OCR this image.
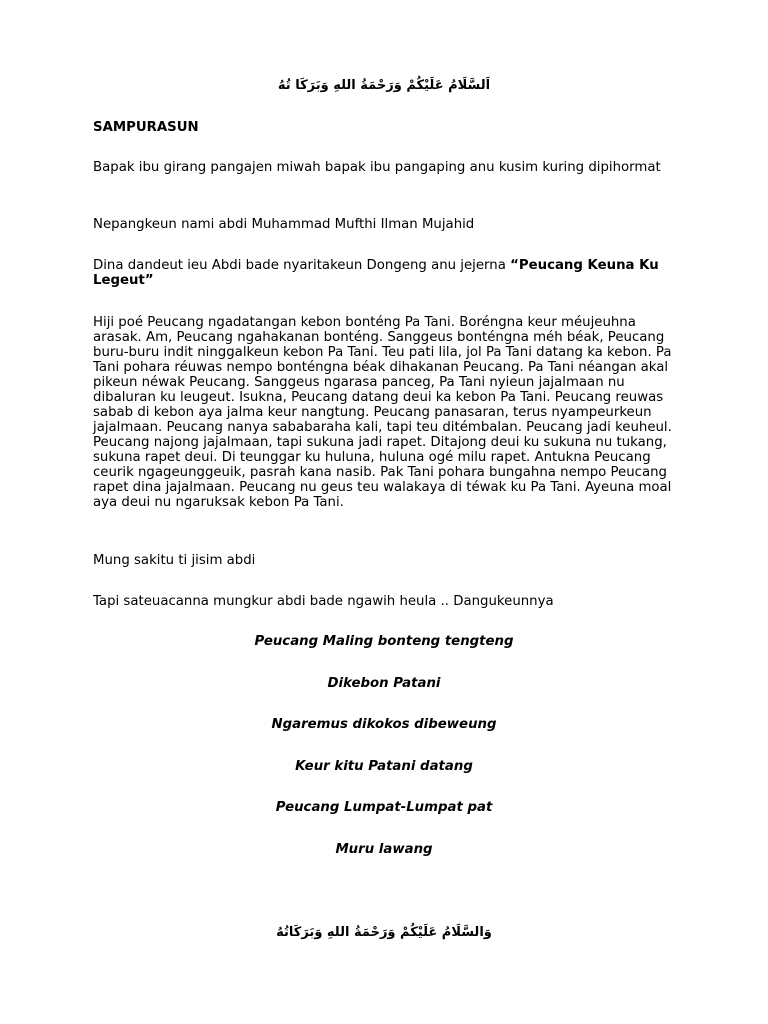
اَلسَّلَامُ عَلَيْكُمْ وَرَحْمَةُ اللهِ وَبَرَكَا تُهُ
SAMPURASUN
Bapak ibu girang pangajen miwah bapak ibu pangaping anu kusim kuring dipihormat
Nepangkeun nami abdi Muhammad Mufthi Ilman Mujahid
Dina dandeut ieu Abdi bade nyaritakeun Dongeng anu jejerna “Peucang Keuna Ku Legeut”
Hiji poé Peucang ngadatangan kebon bonténg Pa Tani. Boréngna keur méujeuhna arasak. Am, Peucang ngahakanan bonténg. Sanggeus bonténgna méh béak, Peucang buru-buru indit ninggalkeun kebon Pa Tani. Teu pati lila, jol Pa Tani datang ka kebon. Pa Tani pohara réuwas nempo bonténgna béak dihakanan Peucang. Pa Tani néangan akal pikeun néwak Peucang. Sanggeus ngarasa panceg, Pa Tani nyieun jajalmaan nu dibaluran ku leugeut. Isukna, Peucang datang deui ka kebon Pa Tani. Peucang reuwas sabab di kebon aya jalma keur nangtung. Peucang panasaran, terus nyampeurkeun jajalmaan. Peucang nanya sababaraha kali, tapi teu ditémbalan. Peucang jadi keuheul. Peucang najong jajalmaan, tapi sukuna jadi rapet. Ditajong deui ku sukuna nu tukang, sukuna rapet deui. Di teunggar ku huluna, huluna ogé milu rapet. Antukna Peucang ceurik ngageunggeuik, pasrah kana nasib. Pak Tani pohara bungahna nempo Peucang rapet dina jajalmaan. Peucang nu geus teu walakaya di téwak ku Pa Tani. Ayeuna moal aya deui nu ngaruksak kebon Pa Tani.
Mung sakitu ti jisim abdi
Tapi sateuacanna mungkur abdi bade ngawih heula .. Dangukeunnya
Peucang Maling bonteng tengteng
Dikebon Patani
Ngaremus dikokos dibeweung
Keur kitu Patani datang
Peucang Lumpat-Lumpat pat
Muru lawang
وَالسَّلَامُ عَلَيْكُمْ وَرَحْمَةُ اللهِ وَبَرَكَاتُهُ
